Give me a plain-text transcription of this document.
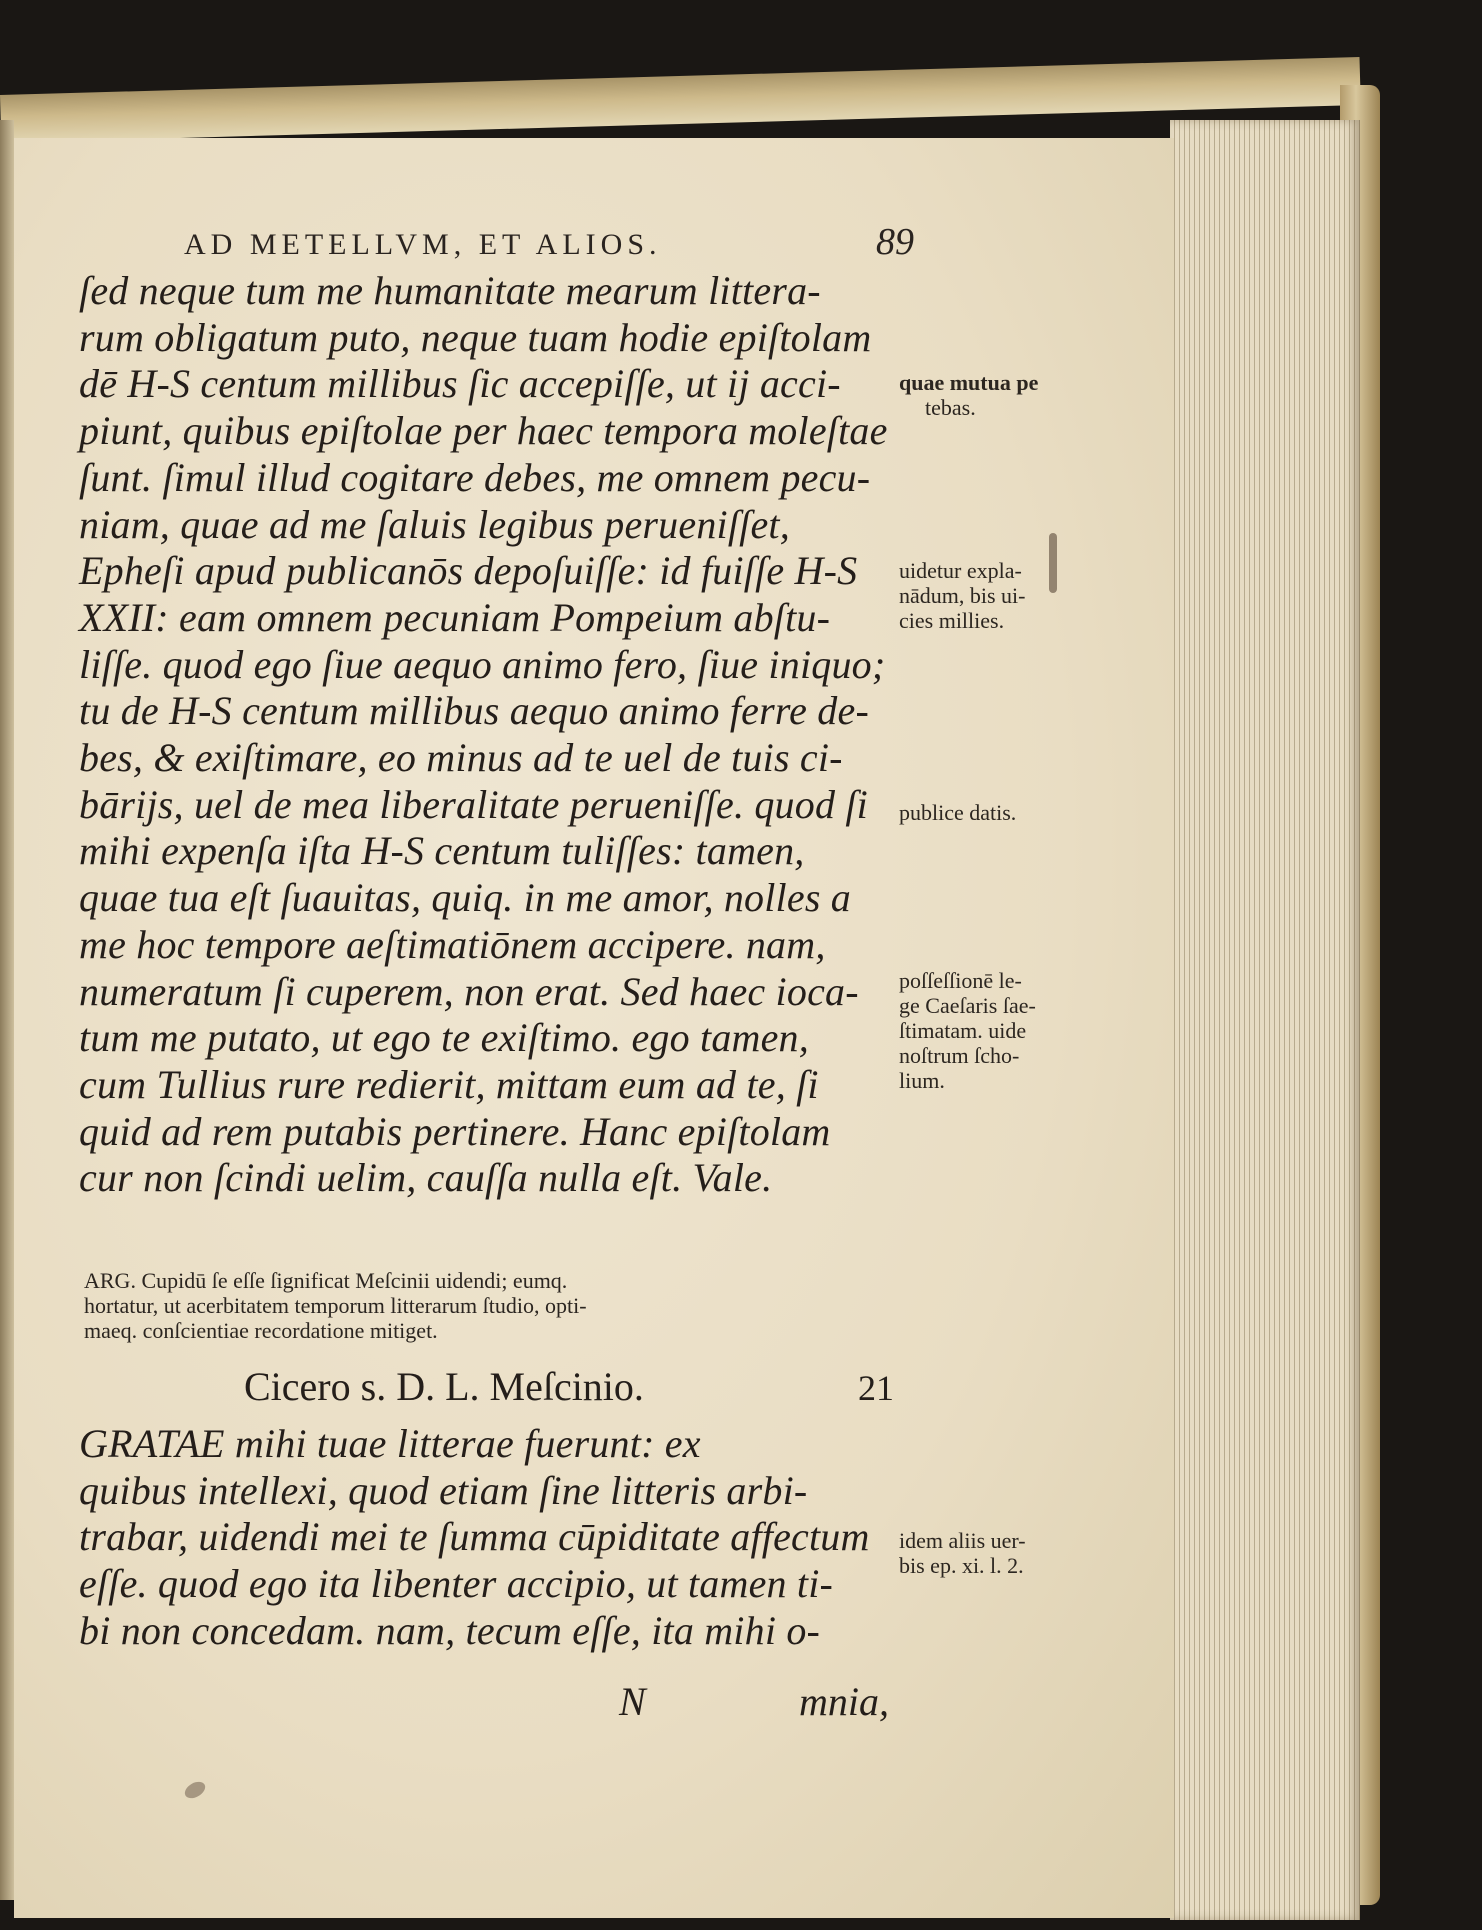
AD METELLVM, ET ALIOS.	89
ſed neque tum me humanitate mearum littera-
rum obligatum puto, neque tuam hodie epiſtolam
dē H-S centum millibus ſic accepiſſe, ut ij acci-
piunt, quibus epiſtolae per haec tempora moleſtae
ſunt. ſimul illud cogitare debes, me omnem pecu-
niam, quae ad me ſaluis legibus perueniſſet,
Epheſi apud publicanōs depoſuiſſe: id fuiſſe H-S
XXII: eam omnem pecuniam Pompeium abſtu-
liſſe. quod ego ſiue aequo animo fero, ſiue iniquo;
tu de H-S centum millibus aequo animo ferre de-
bes, & exiſtimare, eo minus ad te uel de tuis ci-
bārijs, uel de mea liberalitate perueniſſe. quod ſi
mihi expenſa iſta H-S centum tuliſſes: tamen,
quae tua eſt ſuauitas, quiq. in me amor, nolles a
me hoc tempore aeſtimatiōnem accipere. nam,
numeratum ſi cuperem, non erat. Sed haec ioca-
tum me putato, ut ego te exiſtimo. ego tamen,
cum Tullius rure redierit, mittam eum ad te, ſi
quid ad rem putabis pertinere. Hanc epiſtolam
cur non ſcindi uelim, cauſſa nulla eſt. Vale.
ARG. Cupidū ſe eſſe ſignificat Meſcinii uidendi; eumq.
hortatur, ut acerbitatem temporum litterarum ſtudio, opti-
maeq. conſcientiae recordatione mitiget.
Cicero s. D. L. Meſcinio.	21
GRATAE mihi tuae litterae fuerunt: ex
quibus intellexi, quod etiam ſine litteris arbi-
trabar, uidendi mei te ſumma cūpiditate affectum
eſſe. quod ego ita libenter accipio, ut tamen ti-
bi non concedam. nam, tecum eſſe, ita mihi o-
N	mnia,
quae mutua pe
tebas.
uidetur expla-
nādum, bis ui-
cies millies.
publice datis.
poſſeſſionē le-
ge Caeſaris ſae-
ſtimatam. uide
noſtrum ſcho-
lium.
idem aliis uer-
bis ep. xi. l. 2.
